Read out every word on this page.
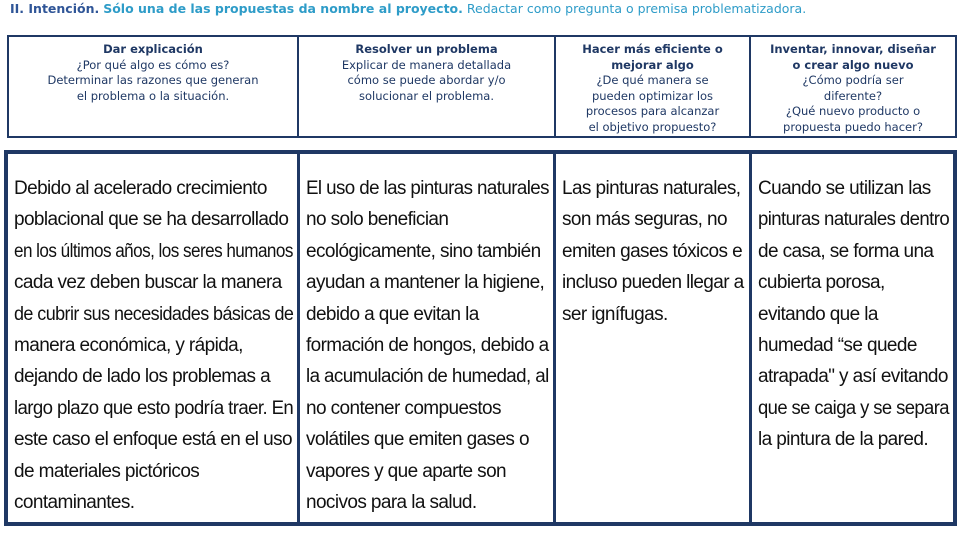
II. Intención. Sólo una de las propuestas da nombre al proyecto. Redactar como pregunta o premisa problematizadora.
Dar explicación
¿Por qué algo es cómo es?
Determinar las razones que generan
el problema o la situación.
Resolver un problema
Explicar de manera detallada
cómo se puede abordar y/o
solucionar el problema.
Hacer más eficiente o
mejorar algo
¿De qué manera se
pueden optimizar los
procesos para alcanzar
el objetivo propuesto?
Inventar, innovar, diseñar
o crear algo nuevo
¿Cómo podría ser
diferente?
¿Qué nuevo producto o
propuesta puedo hacer?
Debido al acelerado crecimiento
poblacional que se ha desarrollado
en los últimos años, los seres humanos
cada vez deben buscar la manera
de cubrir sus necesidades básicas de
manera económica, y rápida,
dejando de lado los problemas a
largo plazo que esto podría traer. En
este caso el enfoque está en el uso
de materiales pictóricos
contaminantes.
El uso de las pinturas naturales
no solo benefician
ecológicamente, sino también
ayudan a mantener la higiene,
debido a que evitan la
formación de hongos, debido a
la acumulación de humedad, al
no contener compuestos
volátiles que emiten gases o
vapores y que aparte son
nocivos para la salud.
Las pinturas naturales,
son más seguras, no
emiten gases tóxicos e
incluso pueden llegar a
ser ignífugas.
Cuando se utilizan las
pinturas naturales dentro
de casa, se forma una
cubierta porosa,
evitando que la
humedad “se quede
atrapada" y así evitando
que se caiga y se separa
la pintura de la pared.
